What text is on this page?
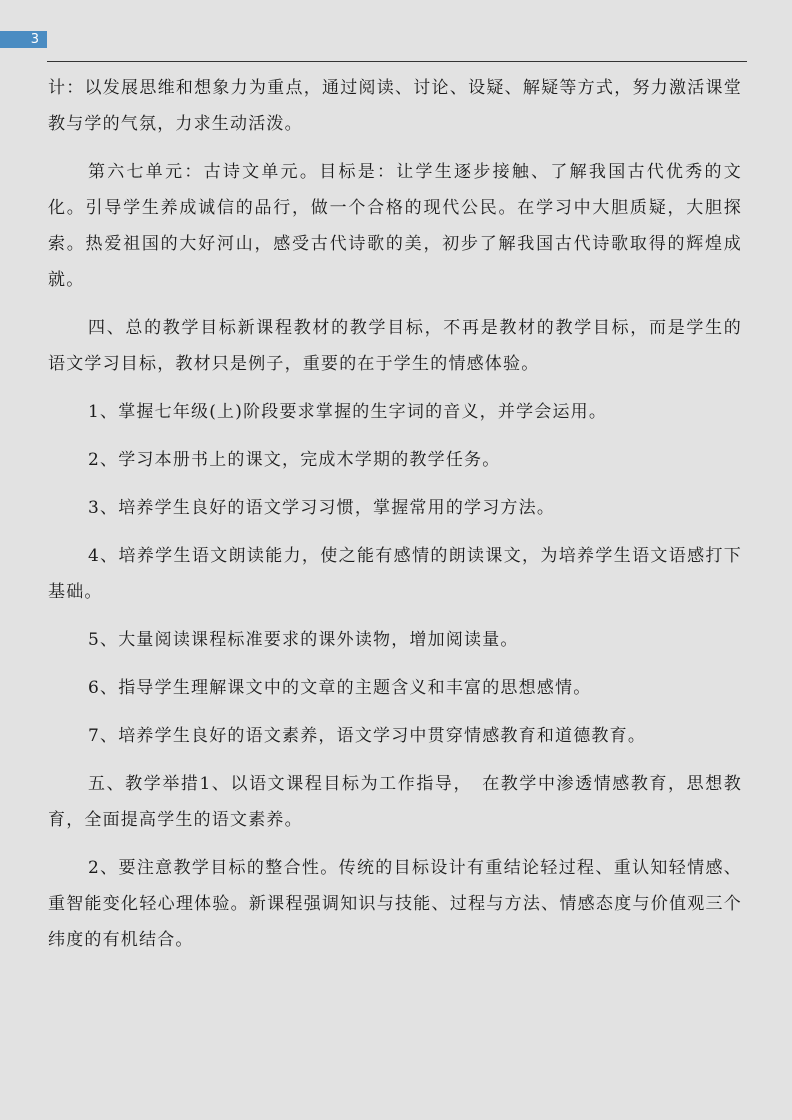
3

计：以发展思维和想象力为重点，通过阅读、讨论、设疑、解疑等方式，努力激活课堂教与学的气氛，力求生动活泼。

第六七单元：古诗文单元。目标是：让学生逐步接触、了解我国古代优秀的文化。引导学生养成诚信的品行，做一个合格的现代公民。在学习中大胆质疑，大胆探索。热爱祖国的大好河山，感受古代诗歌的美，初步了解我国古代诗歌取得的辉煌成就。

四、总的教学目标新课程教材的教学目标，不再是教材的教学目标，而是学生的语文学习目标，教材只是例子，重要的在于学生的情感体验。

1、掌握七年级(上)阶段要求掌握的生字词的音义，并学会运用。

2、学习本册书上的课文，完成木学期的教学任务。

3、培养学生良好的语文学习习惯，掌握常用的学习方法。

4、培养学生语文朗读能力，使之能有感情的朗读课文，为培养学生语文语感打下基础。

5、大量阅读课程标准要求的课外读物，增加阅读量。

6、指导学生理解课文中的文章的主题含义和丰富的思想感情。

7、培养学生良好的语文素养，语文学习中贯穿情感教育和道德教育。

五、教学举措1、以语文课程目标为工作指导，　在教学中渗透情感教育，思想教育，全面提高学生的语文素养。

2、要注意教学目标的整合性。传统的目标设计有重结论轻过程、重认知轻情感、重智能变化轻心理体验。新课程强调知识与技能、过程与方法、情感态度与价值观三个纬度的有机结合。
